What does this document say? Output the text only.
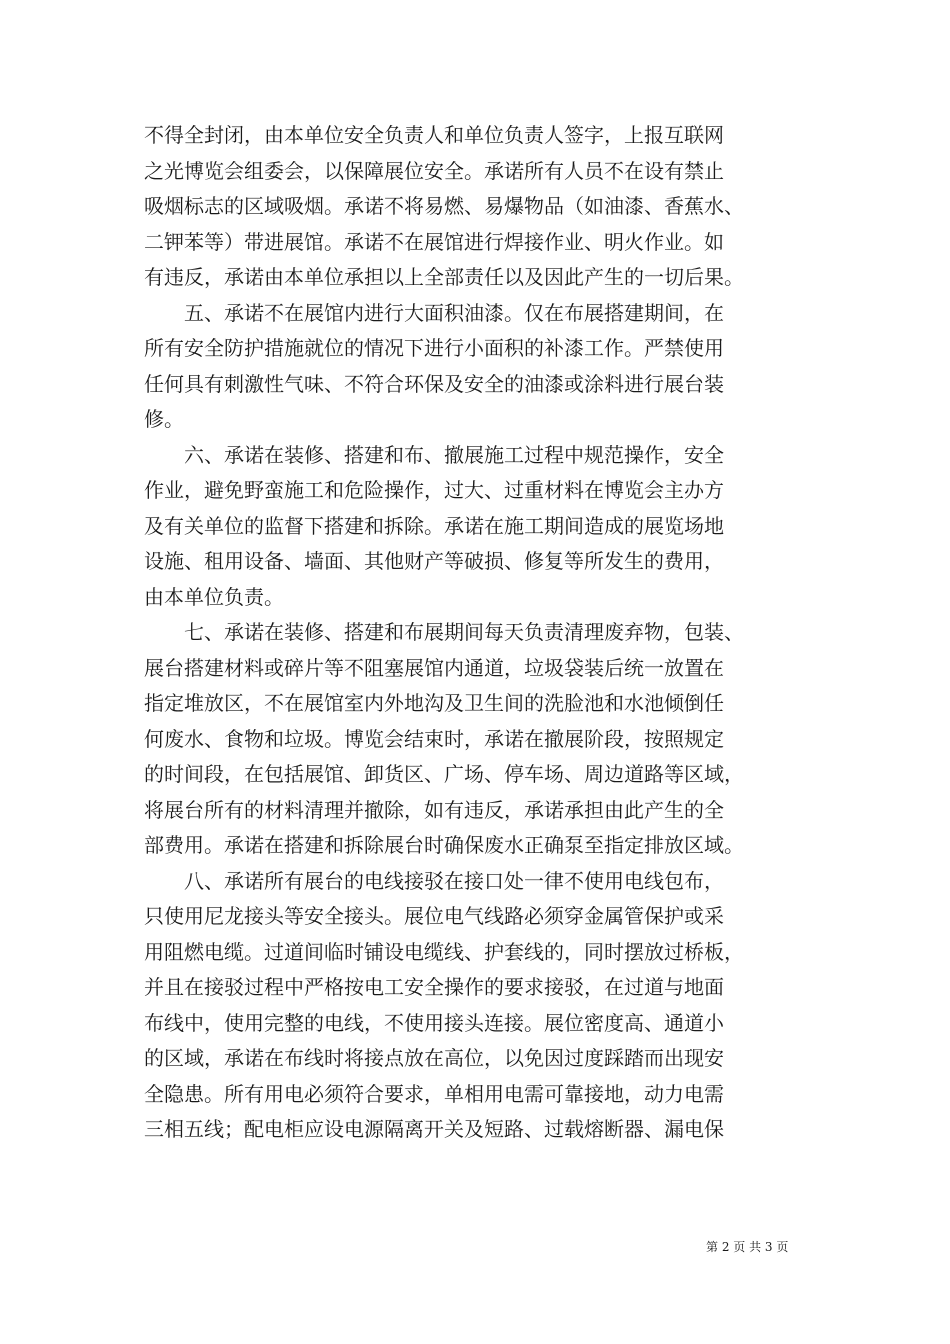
不得全封闭，由本单位安全负责人和单位负责人签字，上报互联网
之光博览会组委会，以保障展位安全。承诺所有人员不在设有禁止
吸烟标志的区域吸烟。承诺不将易燃、易爆物品（如油漆、香蕉水、
二钾苯等）带进展馆。承诺不在展馆进行焊接作业、明火作业。如
有违反，承诺由本单位承担以上全部责任以及因此产生的一切后果。
　　五、承诺不在展馆内进行大面积油漆。仅在布展搭建期间，在
所有安全防护措施就位的情况下进行小面积的补漆工作。严禁使用
任何具有刺激性气味、不符合环保及安全的油漆或涂料进行展台装
修。
　　六、承诺在装修、搭建和布、撤展施工过程中规范操作，安全
作业，避免野蛮施工和危险操作，过大、过重材料在博览会主办方
及有关单位的监督下搭建和拆除。承诺在施工期间造成的展览场地
设施、租用设备、墙面、其他财产等破损、修复等所发生的费用，
由本单位负责。
　　七、承诺在装修、搭建和布展期间每天负责清理废弃物，包装、
展台搭建材料或碎片等不阻塞展馆内通道，垃圾袋装后统一放置在
指定堆放区，不在展馆室内外地沟及卫生间的洗脸池和水池倾倒任
何废水、食物和垃圾。博览会结束时，承诺在撤展阶段，按照规定
的时间段，在包括展馆、卸货区、广场、停车场、周边道路等区域，
将展台所有的材料清理并撤除，如有违反，承诺承担由此产生的全
部费用。承诺在搭建和拆除展台时确保废水正确泵至指定排放区域。
　　八、承诺所有展台的电线接驳在接口处一律不使用电线包布，
只使用尼龙接头等安全接头。展位电气线路必须穿金属管保护或采
用阻燃电缆。过道间临时铺设电缆线、护套线的，同时摆放过桥板，
并且在接驳过程中严格按电工安全操作的要求接驳，在过道与地面
布线中，使用完整的电线，不使用接头连接。展位密度高、通道小
的区域，承诺在布线时将接点放在高位，以免因过度踩踏而出现安
全隐患。所有用电必须符合要求，单相用电需可靠接地，动力电需
三相五线；配电柜应设电源隔离开关及短路、过载熔断器、漏电保
第 2 页 共 3 页
